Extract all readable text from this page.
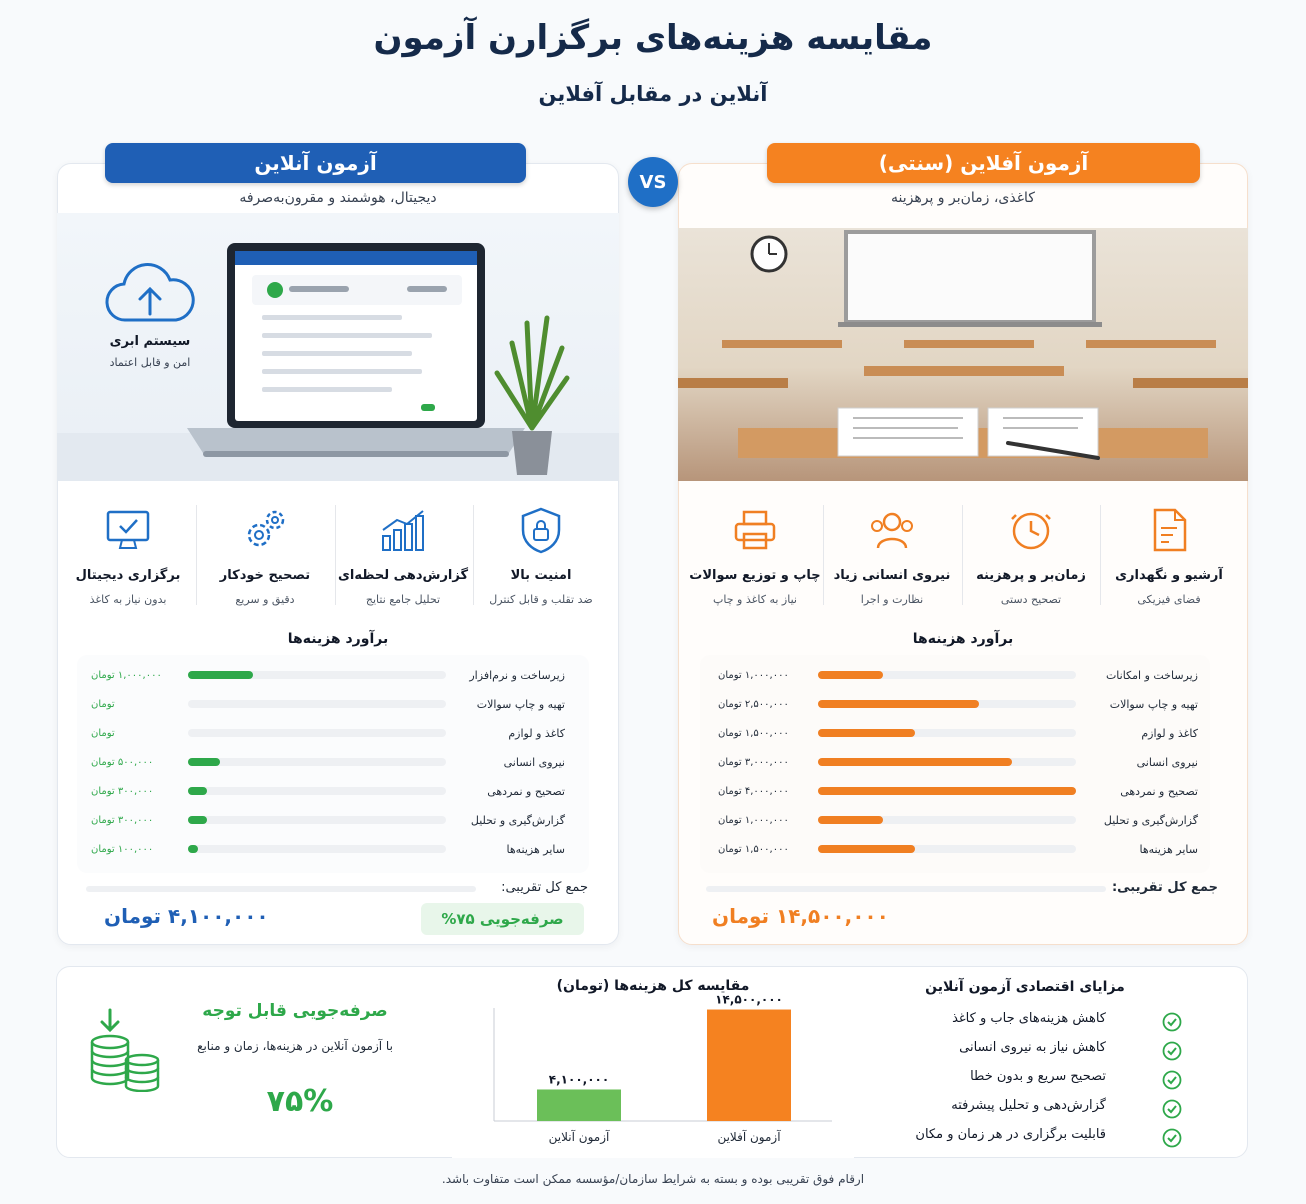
مقایسه هزینه‌های برگزارن آزمون
آنلاین در مقابل آفلاین
آزمون آنلاین	آزمون آفلاین (سنتی)
VS
دیجیتال، هوشمند و مقرون‌به‌صرفه	کاغذی، زمان‌بر و پرهزینه
سیستم ابری
امن و قابل اعتماد
امنیت بالا
ضد تقلب و قابل کنترل
گزارش‌دهی لحظه‌ای
تحلیل جامع نتایج
تصحیح خودکار
دقیق و سریع
برگزاری دیجیتال
بدون نیاز به کاغذ
آرشیو و نگهداری
فضای فیزیکی
زمان‌بر و پرهزینه
تصحیح دستی
نیروی انسانی زیاد
نظارت و اجرا
چاپ و توزیع سوالات
نیاز به کاغذ و چاپ
برآورد هزینه‌ها	برآورد هزینه‌ها
زیرساخت و نرم‌افزار
۱,۰۰۰,۰۰۰ تومان
تهیه و چاپ سوالات
تومان
کاغذ و لوازم
تومان
نیروی انسانی
۵۰۰,۰۰۰ تومان
تصحیح و نمردهی
۳۰۰,۰۰۰ تومان
گزارش‌گیری و تحلیل
۳۰۰,۰۰۰ تومان
سایر هزینه‌ها
۱۰۰,۰۰۰ تومان
زیرساخت و امکانات
۱,۰۰۰,۰۰۰ تومان
تهیه و چاپ سوالات
۲,۵۰۰,۰۰۰ تومان
کاغذ و لوازم
۱,۵۰۰,۰۰۰ تومان
نیروی انسانی
۳,۰۰۰,۰۰۰ تومان
تصحیح و نمردهی
۴,۰۰۰,۰۰۰ تومان
گزارش‌گیری و تحلیل
۱,۰۰۰,۰۰۰ تومان
سایر هزینه‌ها
۱,۵۰۰,۰۰۰ تومان
جمع کل تقریبی:
۴,۱۰۰,۰۰۰ تومان	صرفه‌جویی ۷۵%
جمع کل تقریبی:
۱۴,۵۰۰,۰۰۰ تومان
صرفه‌جویی قابل توجه
با آزمون آنلاین در هزینه‌ها، زمان و منابع
۷۵%
مقایسه کل هزینه‌ها (تومان)
۴,۱۰۰,۰۰۰
آزمون آنلاین
۱۴,۵۰۰,۰۰۰
آزمون آفلاین
مزایای اقتصادی آزمون آنلاین
کاهش هزینه‌های جاب و کاغذ
کاهش نیاز به نیروی انسانی
تصحیح سریع و بدون خطا
گزارش‌دهی و تحلیل پیشرفته
قابلیت برگزاری در هر زمان و مکان
ارقام فوق تقریبی بوده و بسته به شرایط سازمان/مؤسسه ممکن است متفاوت باشد.
